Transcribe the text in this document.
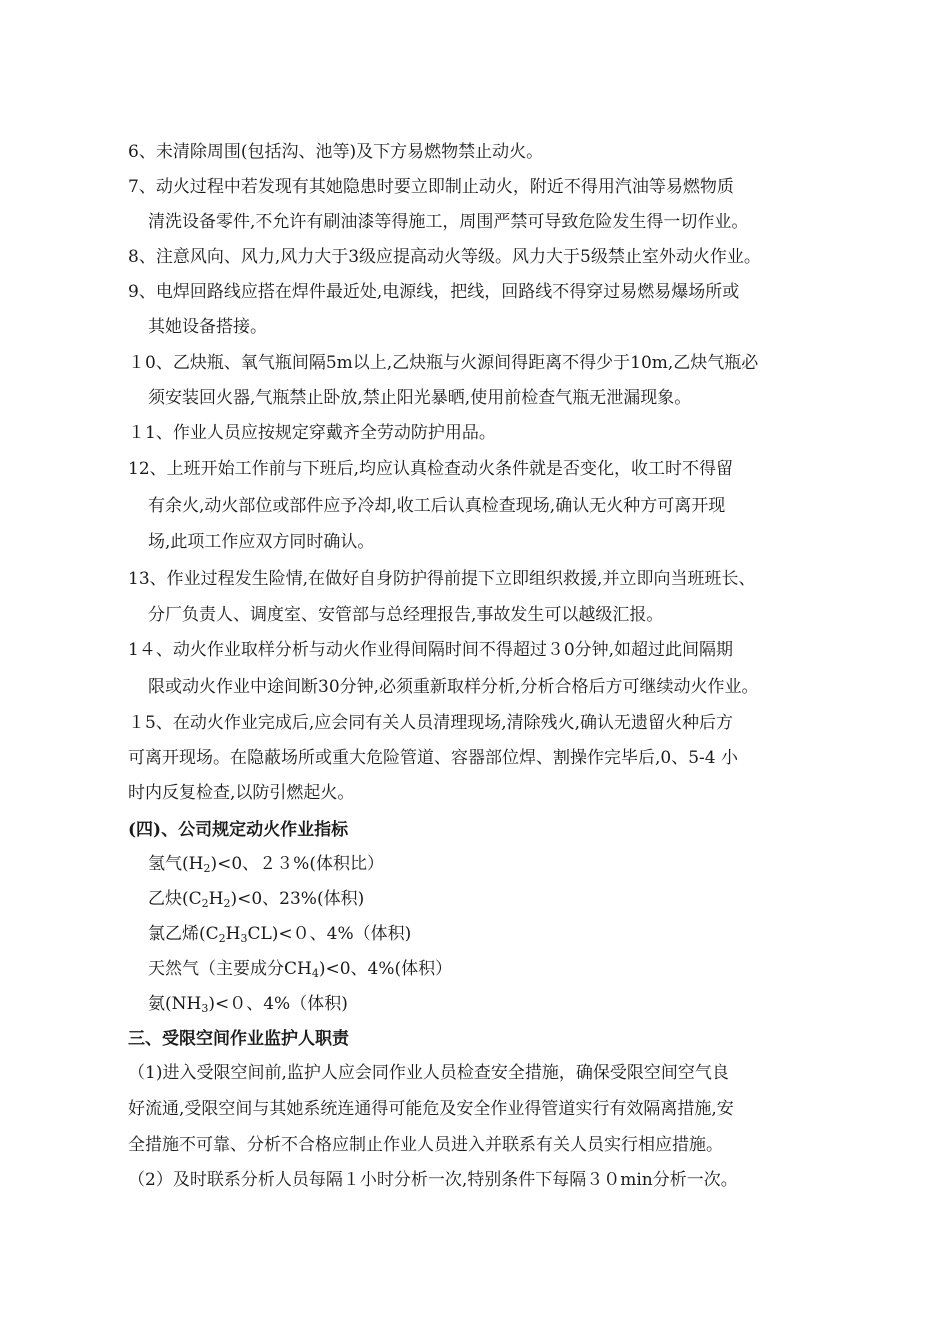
6、未清除周围(包括沟、池等)及下方易燃物禁止动火。
7、动火过程中若发现有其她隐患时要立即制止动火，附近不得用汽油等易燃物质
清洗设备零件,不允许有刷油漆等得施工，周围严禁可导致危险发生得一切作业。
8、注意风向、风力,风力大于3级应提高动火等级。风力大于5级禁止室外动火作业。
9、电焊回路线应搭在焊件最近处,电源线，把线，回路线不得穿过易燃易爆场所或
其她设备搭接。
１0、乙炔瓶、氧气瓶间隔5m以上,乙炔瓶与火源间得距离不得少于10m,乙炔气瓶必
须安装回火器,气瓶禁止卧放,禁止阳光暴晒,使用前检查气瓶无泄漏现象。
１1、作业人员应按规定穿戴齐全劳动防护用品。
12、上班开始工作前与下班后,均应认真检查动火条件就是否变化，收工时不得留
有余火,动火部位或部件应予冷却,收工后认真检查现场,确认无火种方可离开现
场,此项工作应双方同时确认。
13、作业过程发生险情,在做好自身防护得前提下立即组织救援,并立即向当班班长、
分厂负责人、调度室、安管部与总经理报告,事故发生可以越级汇报。
1４、动火作业取样分析与动火作业得间隔时间不得超过３0分钟,如超过此间隔期
限或动火作业中途间断30分钟,必须重新取样分析,分析合格后方可继续动火作业。
１5、在动火作业完成后,应会同有关人员清理现场,清除残火,确认无遗留火种后方
可离开现场。在隐蔽场所或重大危险管道、容器部位焊、割操作完毕后,0、5-4 小
时内反复检查,以防引燃起火。
(四)、公司规定动火作业指标
氢气$(H_2)<0$、２３%(体积比）
乙炔$(C_2H_2)<0$、23%(体积)
氯乙烯$(C_2H_3CL)<0$、4%（体积)
天然气（主要成分$CH_4)<0$、4%(体积）
氨$(NH_3)<0$、4%（体积)
三、受限空间作业监护人职责
（1)进入受限空间前,监护人应会同作业人员检查安全措施，确保受限空间空气良
好流通,受限空间与其她系统连通得可能危及安全作业得管道实行有效隔离措施,安
全措施不可靠、分析不合格应制止作业人员进入并联系有关人员实行相应措施。
（2）及时联系分析人员每隔１小时分析一次,特别条件下每隔３０min分析一次。
